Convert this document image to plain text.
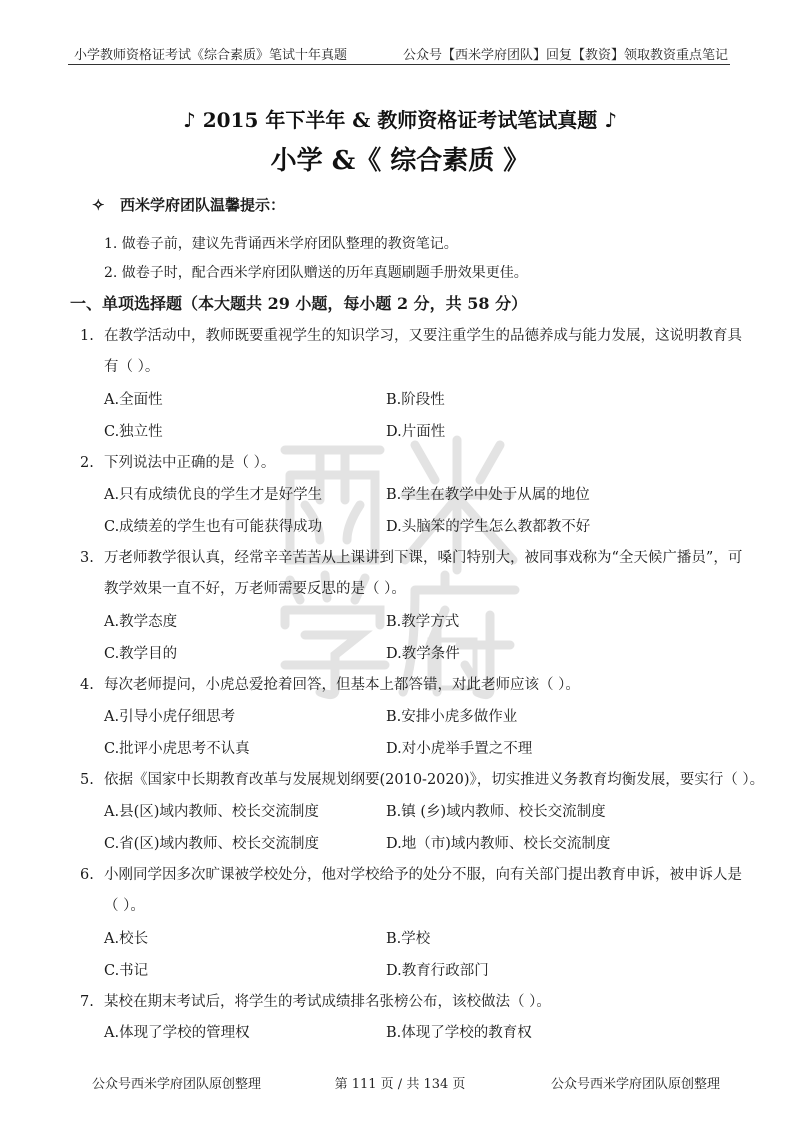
小学教师资格证考试《综合素质》笔试十年真题	公众号【西米学府团队】回复【教资】领取教资重点笔记
♪ 2015 年下半年 & 教师资格证考试笔试真题 ♪
小学 &《 综合素质 》
✧ 西米学府团队温馨提示：
1. 做卷子前，建议先背诵西米学府团队整理的教资笔记。
2. 做卷子时，配合西米学府团队赠送的历年真题刷题手册效果更佳。
一、单项选择题（本大题共 29 小题，每小题 2 分，共 58 分）
1. 在教学活动中，教师既要重视学生的知识学习，又要注重学生的品德养成与能力发展，这说明教育具
有（ ）。
A.全面性	B.阶段性
C.独立性	D.片面性
2. 下列说法中正确的是（ ）。
A.只有成绩优良的学生才是好学生	B.学生在教学中处于从属的地位
C.成绩差的学生也有可能获得成功	D.头脑笨的学生怎么教都教不好
3. 万老师教学很认真，经常辛辛苦苦从上课讲到下课，嗓门特别大，被同事戏称为“全天候广播员”，可
教学效果一直不好，万老师需要反思的是（ ）。
A.教学态度	B.教学方式
C.教学目的	D.教学条件
4. 每次老师提问，小虎总爱抢着回答，但基本上都答错，对此老师应该（ ）。
A.引导小虎仔细思考	B.安排小虎多做作业
C.批评小虎思考不认真	D.对小虎举手置之不理
5. 依据《国家中长期教育改革与发展规划纲要(2010-2020)》，切实推进义务教育均衡发展，要实行（ ）。
A.县(区)域内教师、校长交流制度	B.镇 (乡)域内教师、校长交流制度
C.省(区)域内教师、校长交流制度	D.地（市)域内教师、校长交流制度
6. 小刚同学因多次旷课被学校处分，他对学校给予的处分不服，向有关部门提出教育申诉，被申诉人是
（ ）。
A.校长	B.学校
C.书记	D.教育行政部门
7. 某校在期末考试后，将学生的考试成绩排名张榜公布，该校做法（ ）。
A.体现了学校的管理权	B.体现了学校的教育权
公众号西米学府团队原创整理	第 111 页 / 共 134 页	公众号西米学府团队原创整理
